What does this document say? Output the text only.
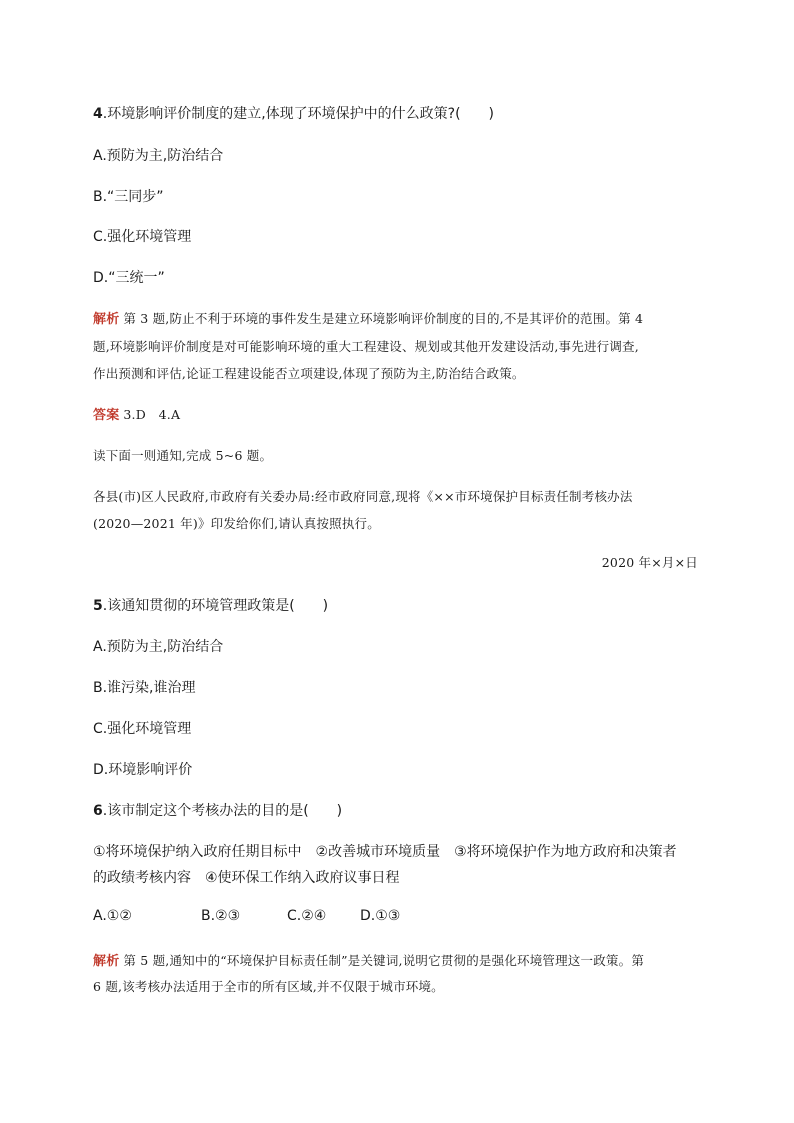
4.环境影响评价制度的建立,体现了环境保护中的什么政策?(　　)
A.预防为主,防治结合
B.“三同步”
C.强化环境管理
D.“三统一”
解析 第 3 题,防止不利于环境的事件发生是建立环境影响评价制度的目的,不是其评价的范围。第 4
题,环境影响评价制度是对可能影响环境的重大工程建设、规划或其他开发建设活动,事先进行调查,
作出预测和评估,论证工程建设能否立项建设,体现了预防为主,防治结合政策。
答案 3.D　4.A
读下面一则通知,完成 5~6 题。
各县(市)区人民政府,市政府有关委办局:经市政府同意,现将《××市环境保护目标责任制考核办法
(2020—2021 年)》印发给你们,请认真按照执行。
2020 年×月×日
5.该通知贯彻的环境管理政策是(　　)
A.预防为主,防治结合
B.谁污染,谁治理
C.强化环境管理
D.环境影响评价
6.该市制定这个考核办法的目的是(　　)
①将环境保护纳入政府任期目标中　②改善城市环境质量　③将环境保护作为地方政府和决策者
的政绩考核内容　④使环保工作纳入政府议事日程
A.①②	B.②③	C.②④ D.①③
解析 第 5 题,通知中的“环境保护目标责任制”是关键词,说明它贯彻的是强化环境管理这一政策。第
6 题,该考核办法适用于全市的所有区域,并不仅限于城市环境。
